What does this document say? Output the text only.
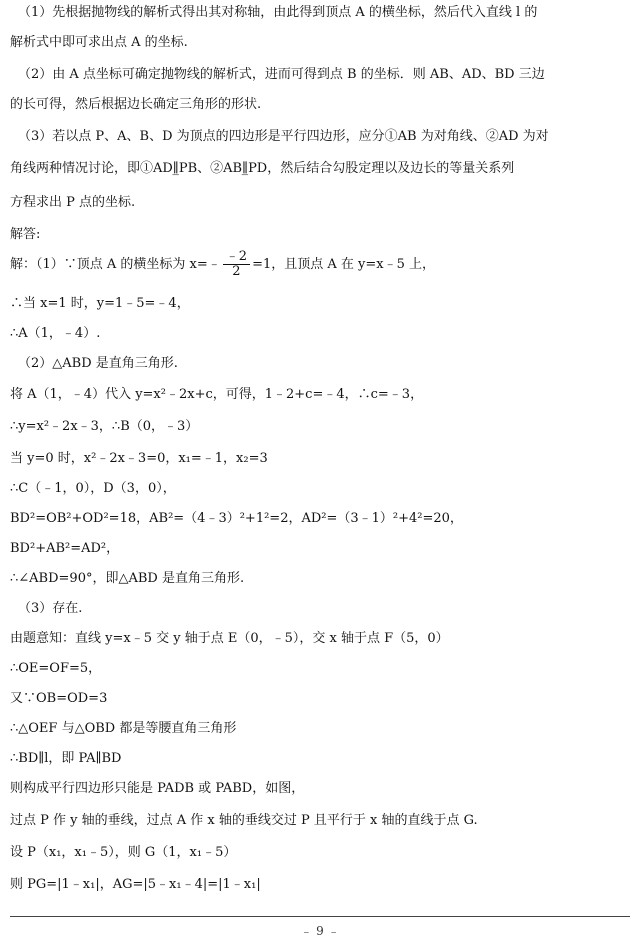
（1）先根据抛物线的解析式得出其对称轴，由此得到顶点 A 的横坐标，然后代入直线 l 的
解析式中即可求出点 A 的坐标.
（2）由 A 点坐标可确定抛物线的解析式，进而可得到点 B 的坐标．则 AB、AD、BD 三边
的长可得，然后根据边长确定三角形的形状.
（3）若以点 P、A、B、D 为顶点的四边形是平行四边形，应分①AB 为对角线、②AD 为对
角线两种情况讨论，即①AD∥̲PB、②AB∥̲PD，然后结合勾股定理以及边长的等量关系列
方程求出 P 点的坐标.
解答:
解：（1）∵顶点 A 的横坐标为 x=﹣ $\frac{﹣2}{2} =1$，且顶点 A 在 y=x﹣5 上，
∴当 x=1 时，y=1﹣5=﹣4，
∴A（1，﹣4）.
（2）△ABD 是直角三角形.
将 A（1，﹣4）代入 y=x²﹣2x+c，可得，1﹣2+c=﹣4，∴c=﹣3，
∴y=x²﹣2x﹣3，∴B（0，﹣3）
当 y=0 时，x²﹣2x﹣3=0，x₁=﹣1，x₂=3
∴C（﹣1，0），D（3，0），
BD²=OB²+OD²=18，AB²=（4﹣3）²+1²=2，AD²=（3﹣1）²+4²=20，
BD²+AB²=AD²，
∴∠ABD=90°，即△ABD 是直角三角形.
（3）存在.
由题意知：直线 y=x﹣5 交 y 轴于点 E（0，﹣5），交 x 轴于点 F（5，0）
∴OE=OF=5，
又∵OB=OD=3
∴△OEF 与△OBD 都是等腰直角三角形
∴BD∥l，即 PA∥BD
则构成平行四边形只能是 PADB 或 PABD，如图，
过点 P 作 y 轴的垂线，过点 A 作 x 轴的垂线交过 P 且平行于 x 轴的直线于点 G.
设 P（x₁，x₁﹣5），则 G（1，x₁﹣5）
则 PG=|1﹣x₁|，AG=|5﹣x₁﹣4|=|1﹣x₁|
﹣ 9 ﹣
